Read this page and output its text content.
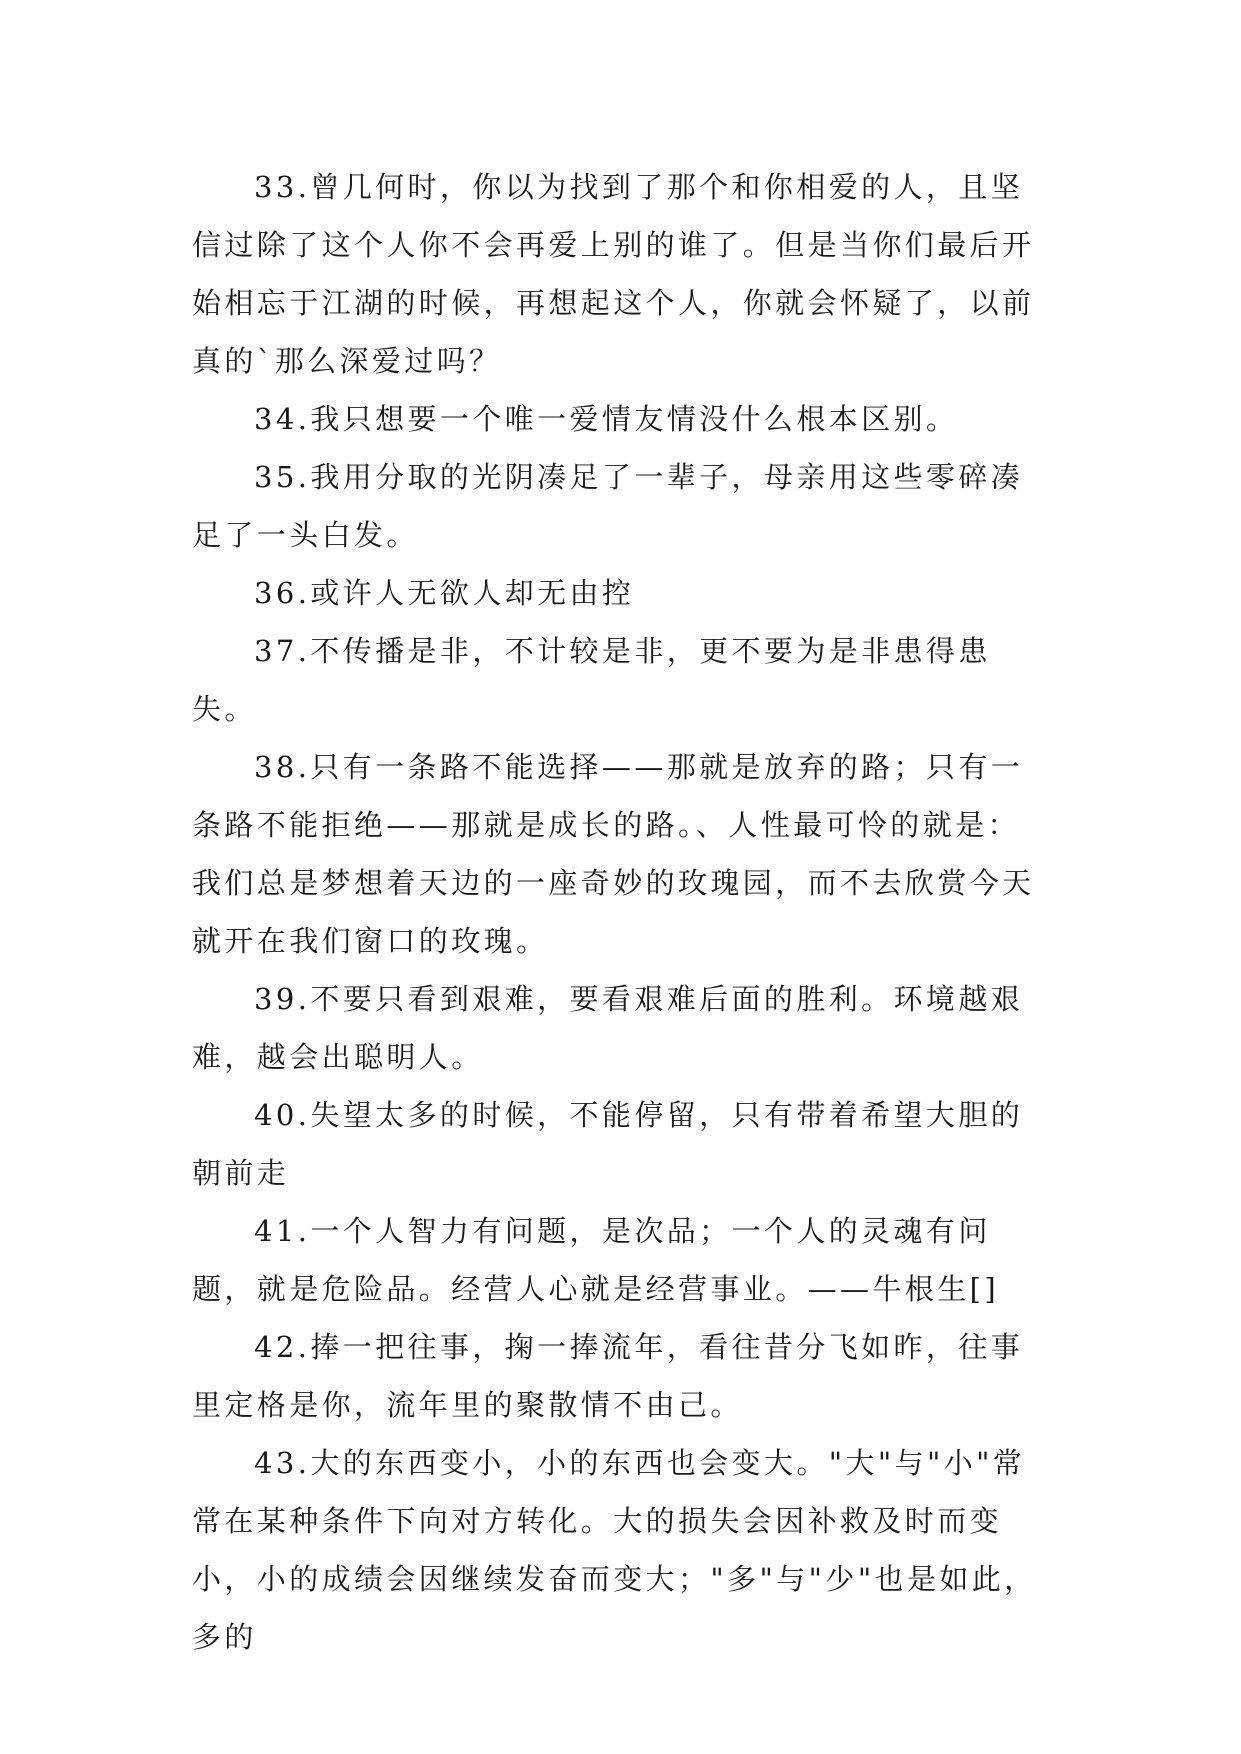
33.曾几何时，你以为找到了那个和你相爱的人，且坚信过除了这个人你不会再爱上别的谁了。但是当你们最后开始相忘于江湖的时候，再想起这个人，你就会怀疑了，以前真的`那么深爱过吗？

34.我只想要一个唯一爱情友情没什么根本区别。

35.我用分取的光阴凑足了一辈子，母亲用这些零碎凑足了一头白发。

36.或许人无欲人却无由控

37.不传播是非，不计较是非，更不要为是非患得患失。

38.只有一条路不能选择——那就是放弃的路；只有一条路不能拒绝——那就是成长的路。、人性最可怜的就是：我们总是梦想着天边的一座奇妙的玫瑰园，而不去欣赏今天就开在我们窗口的玫瑰。

39.不要只看到艰难，要看艰难后面的胜利。环境越艰难，越会出聪明人。

40.失望太多的时候，不能停留，只有带着希望大胆的朝前走

41.一个人智力有问题，是次品；一个人的灵魂有问题，就是危险品。经营人心就是经营事业。——牛根生[]

42.捧一把往事，掬一捧流年，看往昔分飞如昨，往事里定格是你，流年里的聚散情不由己。

43.大的东西变小，小的东西也会变大。"大"与"小"常常在某种条件下向对方转化。大的损失会因补救及时而变小，小的成绩会因继续发奋而变大；"多"与"少"也是如此，多的
